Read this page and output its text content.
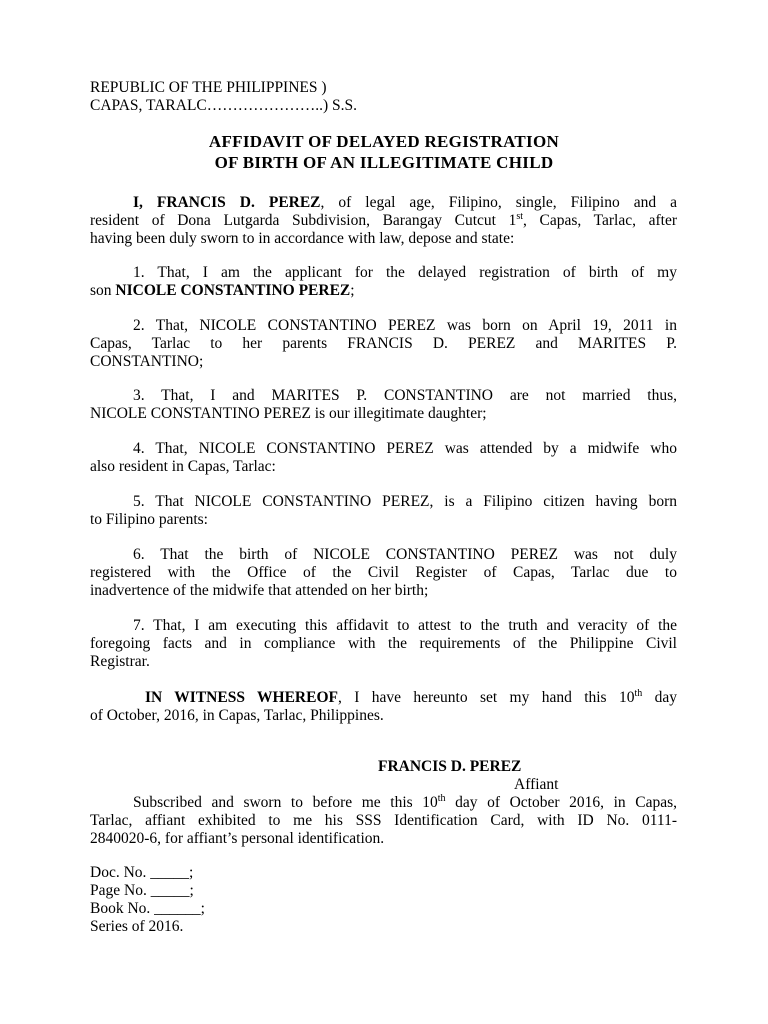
REPUBLIC OF THE PHILIPPINES )
CAPAS, TARALC…………………..) S.S.
AFFIDAVIT OF DELAYED REGISTRATION
OF BIRTH OF AN ILLEGITIMATE CHILD
I, FRANCIS D. PEREZ, of legal age, Filipino, single, Filipino and a
resident of Dona Lutgarda Subdivision, Barangay Cutcut 1st, Capas, Tarlac, after
having been duly sworn to in accordance with law, depose and state:
1. That, I am the applicant for the delayed registration of birth of my
son NICOLE CONSTANTINO PEREZ;
2. That, NICOLE CONSTANTINO PEREZ was born on April 19, 2011 in
Capas, Tarlac to her parents FRANCIS D. PEREZ and MARITES P.
CONSTANTINO;
3. That, I and MARITES P. CONSTANTINO are not married thus,
NICOLE CONSTANTINO PEREZ is our illegitimate daughter;
4. That, NICOLE CONSTANTINO PEREZ was attended by a midwife who
also resident in Capas, Tarlac:
5. That NICOLE CONSTANTINO PEREZ, is a Filipino citizen having born
to Filipino parents:
6. That the birth of NICOLE CONSTANTINO PEREZ was not duly
registered with the Office of the Civil Register of Capas, Tarlac due to
inadvertence of the midwife that attended on her birth;
7. That, I am executing this affidavit to attest to the truth and veracity of the
foregoing facts and in compliance with the requirements of the Philippine Civil
Registrar.
IN WITNESS WHEREOF, I have hereunto set my hand this 10th day
of October, 2016, in Capas, Tarlac, Philippines.
FRANCIS D. PEREZ
Affiant
Subscribed and sworn to before me this 10th day of October 2016, in Capas,
Tarlac, affiant exhibited to me his SSS Identification Card, with ID No. 0111-
2840020-6, for affiant’s personal identification.
Doc. No. _____;
Page No. _____;
Book No. ______;
Series of 2016.
